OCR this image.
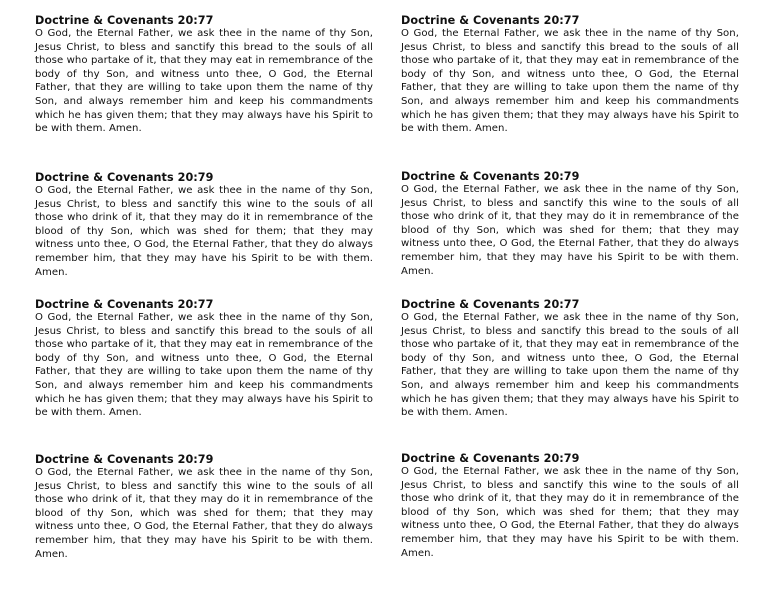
Doctrine & Covenants 20:77

O God, the Eternal Father, we ask thee in the name of thy Son, Jesus Christ, to bless and sanctify this bread to the souls of all those who partake of it, that they may eat in remembrance of the body of thy Son, and witness unto thee, O God, the Eternal Father, that they are willing to take upon them the name of thy Son, and always remember him and keep his commandments which he has given them; that they may always have his Spirit to be with them. Amen.

Doctrine & Covenants 20:79

O God, the Eternal Father, we ask thee in the name of thy Son, Jesus Christ, to bless and sanctify this wine to the souls of all those who drink of it, that they may do it in remembrance of the blood of thy Son, which was shed for them; that they may witness unto thee, O God, the Eternal Father, that they do always remember him, that they may have his Spirit to be with them. Amen.

Doctrine & Covenants 20:77

O God, the Eternal Father, we ask thee in the name of thy Son, Jesus Christ, to bless and sanctify this bread to the souls of all those who partake of it, that they may eat in remembrance of the body of thy Son, and witness unto thee, O God, the Eternal Father, that they are willing to take upon them the name of thy Son, and always remember him and keep his commandments which he has given them; that they may always have his Spirit to be with them. Amen.

Doctrine & Covenants 20:79

O God, the Eternal Father, we ask thee in the name of thy Son, Jesus Christ, to bless and sanctify this wine to the souls of all those who drink of it, that they may do it in remembrance of the blood of thy Son, which was shed for them; that they may witness unto thee, O God, the Eternal Father, that they do always remember him, that they may have his Spirit to be with them. Amen.

Doctrine & Covenants 20:77

O God, the Eternal Father, we ask thee in the name of thy Son, Jesus Christ, to bless and sanctify this bread to the souls of all those who partake of it, that they may eat in remembrance of the body of thy Son, and witness unto thee, O God, the Eternal Father, that they are willing to take upon them the name of thy Son, and always remember him and keep his commandments which he has given them; that they may always have his Spirit to be with them. Amen.

Doctrine & Covenants 20:79

O God, the Eternal Father, we ask thee in the name of thy Son, Jesus Christ, to bless and sanctify this wine to the souls of all those who drink of it, that they may do it in remembrance of the blood of thy Son, which was shed for them; that they may witness unto thee, O God, the Eternal Father, that they do always remember him, that they may have his Spirit to be with them. Amen.

Doctrine & Covenants 20:77

O God, the Eternal Father, we ask thee in the name of thy Son, Jesus Christ, to bless and sanctify this bread to the souls of all those who partake of it, that they may eat in remembrance of the body of thy Son, and witness unto thee, O God, the Eternal Father, that they are willing to take upon them the name of thy Son, and always remember him and keep his commandments which he has given them; that they may always have his Spirit to be with them. Amen.

Doctrine & Covenants 20:79

O God, the Eternal Father, we ask thee in the name of thy Son, Jesus Christ, to bless and sanctify this wine to the souls of all those who drink of it, that they may do it in remembrance of the blood of thy Son, which was shed for them; that they may witness unto thee, O God, the Eternal Father, that they do always remember him, that they may have his Spirit to be with them. Amen.
